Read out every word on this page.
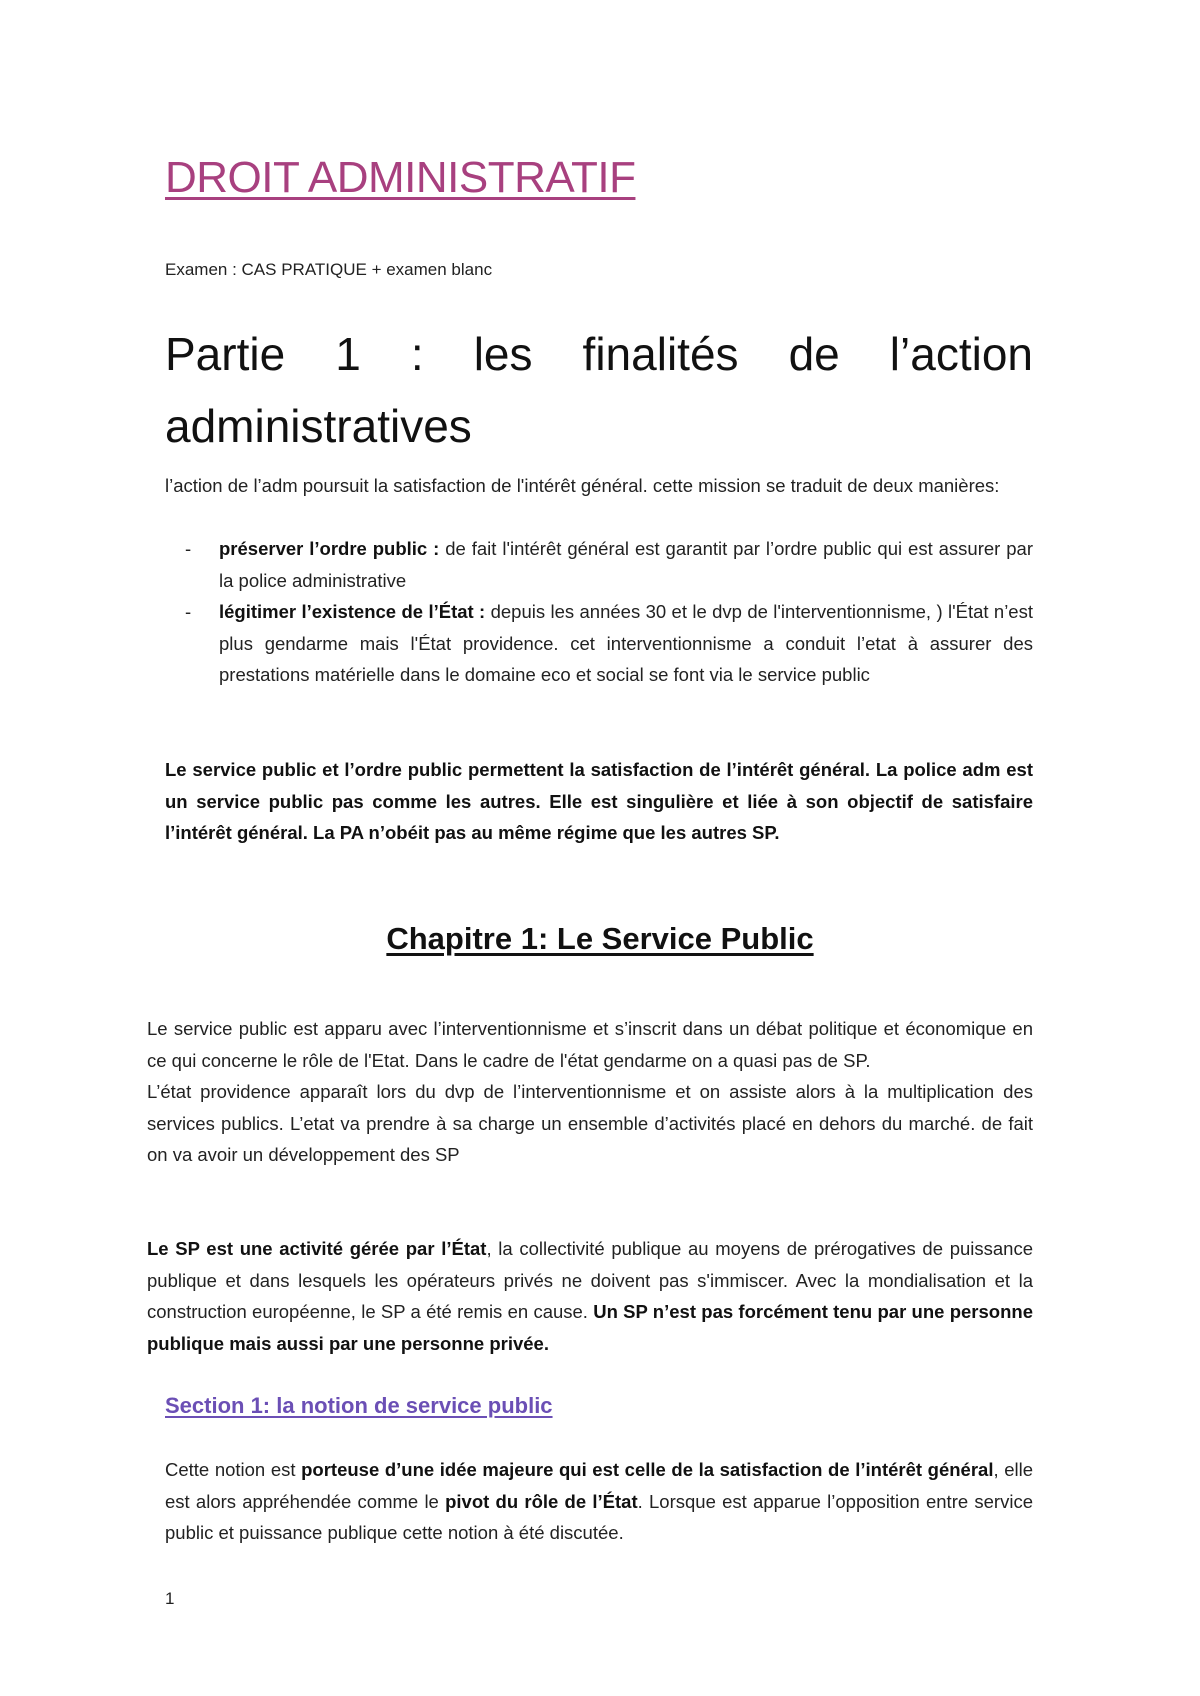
DROIT ADMINISTRATIF
Examen : CAS PRATIQUE + examen blanc
Partie 1 : les finalités de l’action administratives

l’action de l’adm poursuit la satisfaction de l'intérêt général. cette mission se traduit de deux manières:

- préserver l’ordre public : de fait l'intérêt général est garantit par l’ordre public qui est assurer par la police administrative
- légitimer l’existence de l’État : depuis les années 30 et le dvp de l'interventionnisme, ) l'État n’est plus gendarme mais l'État providence. cet interventionnisme a conduit l’etat à assurer des prestations matérielle dans le domaine eco et social se font via le service public

Le service public et l’ordre public permettent la satisfaction de l’intérêt général. La police adm est un service public pas comme les autres. Elle est singulière et liée à son objectif de satisfaire l’intérêt général. La PA n’obéit pas au même régime que les autres SP.

Chapitre 1: Le Service Public
Le service public est apparu avec l’interventionnisme et s’inscrit dans un débat politique et économique en ce qui concerne le rôle de l'Etat. Dans le cadre de l'état gendarme on a quasi pas de SP.
L’état providence apparaît lors du dvp de l’interventionnisme et on assiste alors à la multiplication des services publics. L’etat va prendre à sa charge un ensemble d’activités placé en dehors du marché. de fait on va avoir un développement des SP

Le SP est une activité gérée par l’État, la collectivité publique au moyens de prérogatives de puissance publique et dans lesquels les opérateurs privés ne doivent pas s'immiscer. Avec la mondialisation et la construction européenne, le SP a été remis en cause. Un SP n’est pas forcément tenu par une personne publique mais aussi par une personne privée.

Section 1: la notion de service public

Cette notion est porteuse d’une idée majeure qui est celle de la satisfaction de l’intérêt général, elle est alors appréhendée comme le pivot du rôle de l’État. Lorsque est apparue l’opposition entre service public et puissance publique cette notion à été discutée.

1
